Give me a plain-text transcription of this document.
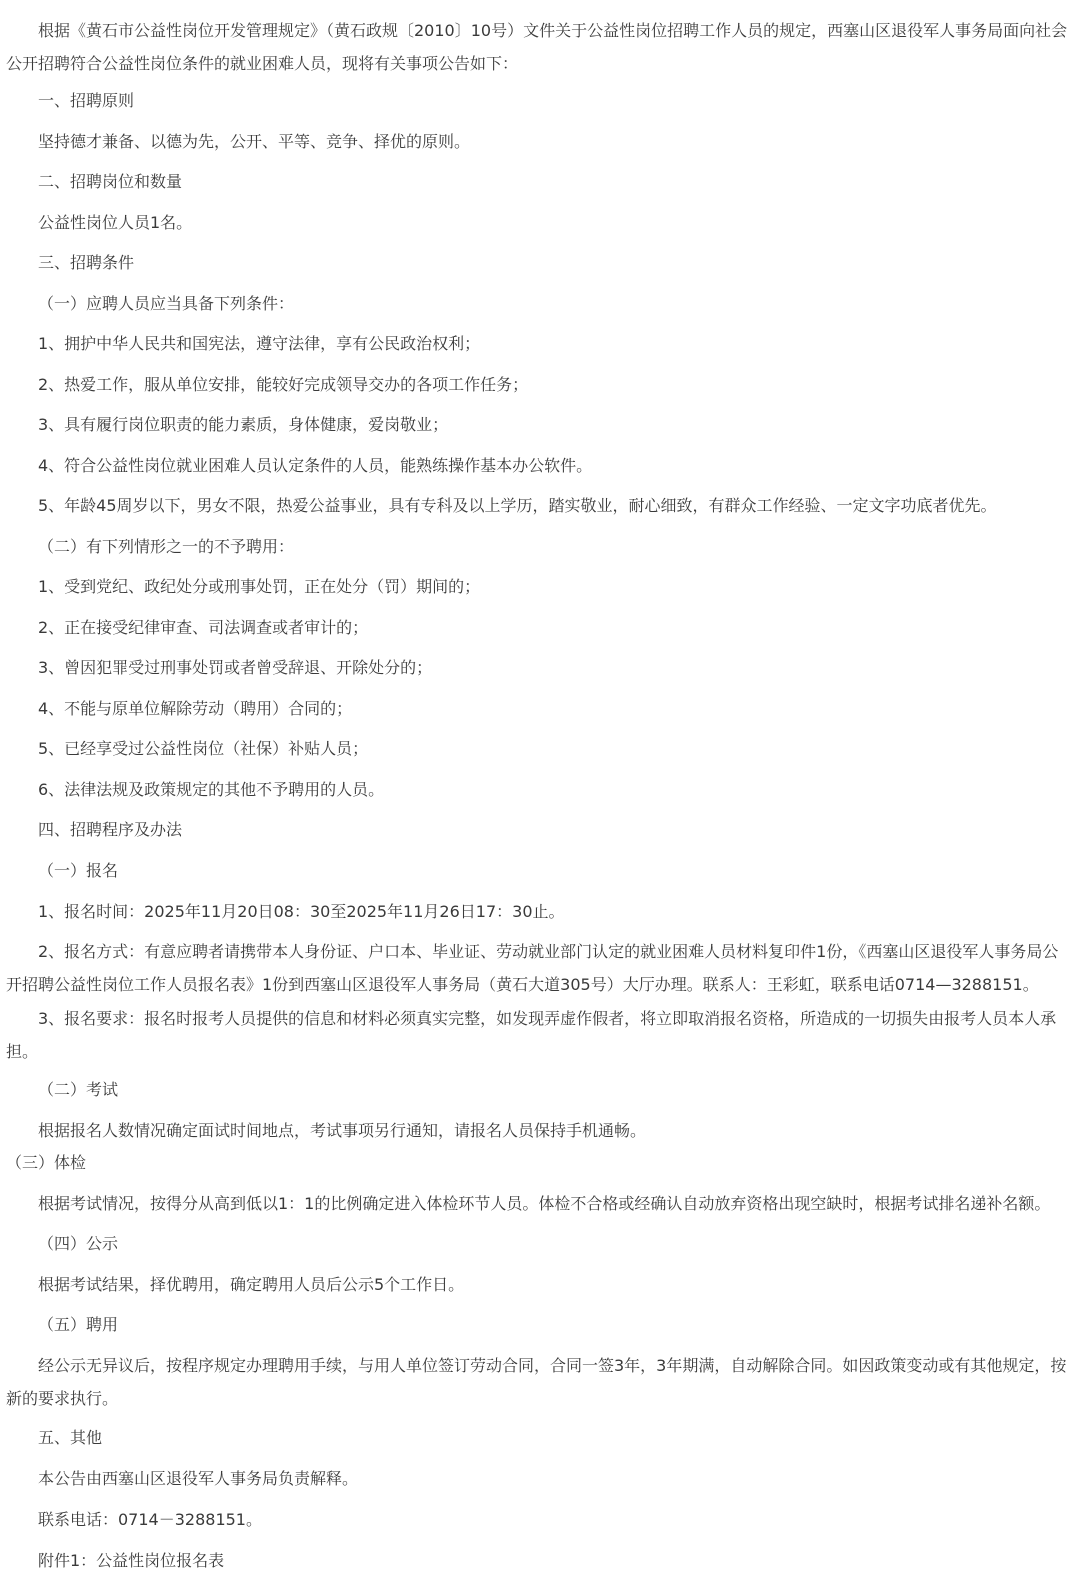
根据《黄石市公益性岗位开发管理规定》（黄石政规〔2010〕10号）文件关于公益性岗位招聘工作人员的规定，西塞山区退役军人事务局面向社会公开招聘符合公益性岗位条件的就业困难人员，现将有关事项公告如下：

一、招聘原则

坚持德才兼备、以德为先，公开、平等、竞争、择优的原则。

二、招聘岗位和数量

公益性岗位人员1名。

三、招聘条件

（一）应聘人员应当具备下列条件：

1、拥护中华人民共和国宪法，遵守法律，享有公民政治权利；

2、热爱工作，服从单位安排，能较好完成领导交办的各项工作任务；

3、具有履行岗位职责的能力素质，身体健康，爱岗敬业；

4、符合公益性岗位就业困难人员认定条件的人员，能熟练操作基本办公软件。

5、年龄45周岁以下，男女不限，热爱公益事业，具有专科及以上学历，踏实敬业，耐心细致，有群众工作经验、一定文字功底者优先。

（二）有下列情形之一的不予聘用：

1、受到党纪、政纪处分或刑事处罚，正在处分（罚）期间的；

2、正在接受纪律审查、司法调查或者审计的；

3、曾因犯罪受过刑事处罚或者曾受辞退、开除处分的；

4、不能与原单位解除劳动（聘用）合同的；

5、已经享受过公益性岗位（社保）补贴人员；

6、法律法规及政策规定的其他不予聘用的人员。

四、招聘程序及办法

（一）报名

1、报名时间：2025年11月20日08：30至2025年11月26日17：30止。

2、报名方式：有意应聘者请携带本人身份证、户口本、毕业证、劳动就业部门认定的就业困难人员材料复印件1份，《西塞山区退役军人事务局公开招聘公益性岗位工作人员报名表》1份到西塞山区退役军人事务局（黄石大道305号）大厅办理。联系人：王彩虹，联系电话0714—3288151。

3、报名要求：报名时报考人员提供的信息和材料必须真实完整，如发现弄虚作假者，将立即取消报名资格，所造成的一切损失由报考人员本人承担。

（二）考试

根据报名人数情况确定面试时间地点，考试事项另行通知，请报名人员保持手机通畅。

（三）体检

根据考试情况，按得分从高到低以1：1的比例确定进入体检环节人员。体检不合格或经确认自动放弃资格出现空缺时，根据考试排名递补名额。

（四）公示

根据考试结果，择优聘用，确定聘用人员后公示5个工作日。

（五）聘用

经公示无异议后，按程序规定办理聘用手续，与用人单位签订劳动合同，合同一签3年，3年期满，自动解除合同。如因政策变动或有其他规定，按新的要求执行。

五、其他

本公告由西塞山区退役军人事务局负责解释。

联系电话：0714－3288151。

附件1：公益性岗位报名表
